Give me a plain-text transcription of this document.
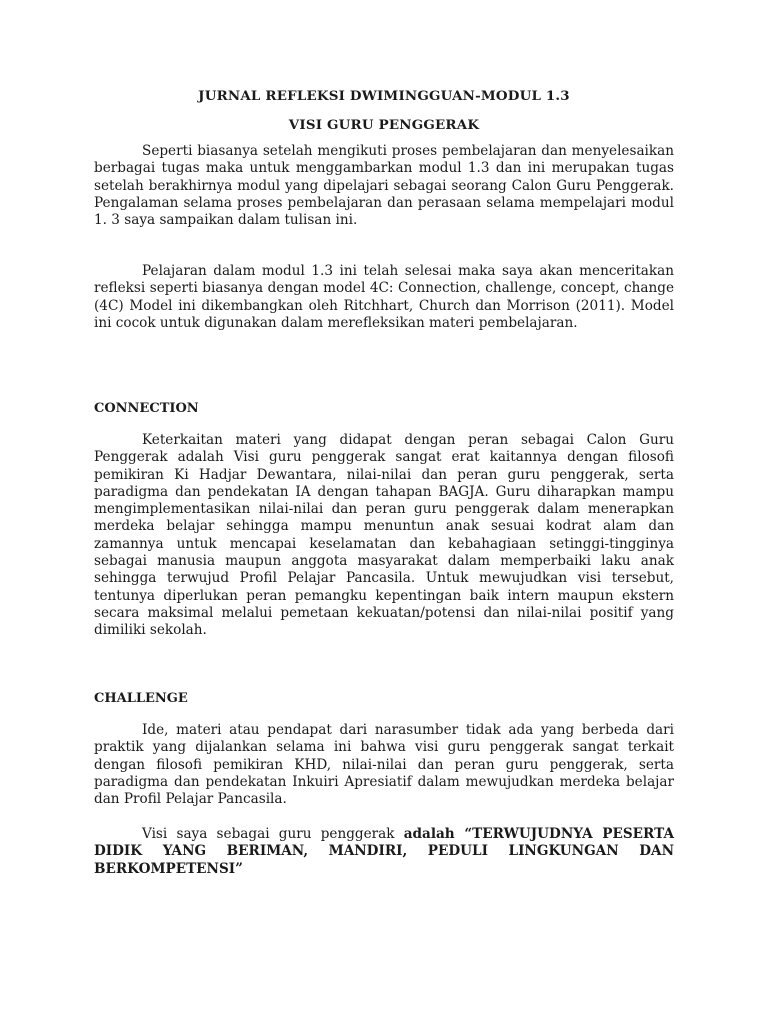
JURNAL REFLEKSI DWIMINGGUAN-MODUL 1.3
VISI GURU PENGGERAK

Seperti biasanya setelah mengikuti proses pembelajaran dan menyelesaikan berbagai tugas maka untuk menggambarkan modul 1.3 dan ini merupakan tugas setelah berakhirnya modul yang dipelajari sebagai seorang Calon Guru Penggerak. Pengalaman selama proses pembelajaran dan perasaan selama mempelajari modul 1. 3 saya sampaikan dalam tulisan ini.

Pelajaran dalam modul 1.3 ini telah selesai maka saya akan menceritakan refleksi seperti biasanya dengan model 4C: Connection, challenge, concept, change (4C) Model ini dikembangkan oleh Ritchhart, Church dan Morrison (2011). Model ini cocok untuk digunakan dalam merefleksikan materi pembelajaran.

CONNECTION

Keterkaitan materi yang didapat dengan peran sebagai Calon Guru Penggerak adalah Visi guru penggerak sangat erat kaitannya dengan filosofi pemikiran Ki Hadjar Dewantara, nilai-nilai dan peran guru penggerak, serta paradigma dan pendekatan IA dengan tahapan BAGJA. Guru diharapkan mampu mengimplementasikan nilai-nilai dan peran guru penggerak dalam menerapkan merdeka belajar sehingga mampu menuntun anak sesuai kodrat alam dan zamannya untuk mencapai keselamatan dan kebahagiaan setinggi-tingginya sebagai manusia maupun anggota masyarakat dalam memperbaiki laku anak sehingga terwujud Profil Pelajar Pancasila. Untuk mewujudkan visi tersebut, tentunya diperlukan peran pemangku kepentingan baik intern maupun ekstern secara maksimal melalui pemetaan kekuatan/potensi dan nilai-nilai positif yang dimiliki sekolah.

CHALLENGE

Ide, materi atau pendapat dari narasumber tidak ada yang berbeda dari praktik yang dijalankan selama ini bahwa visi guru penggerak sangat terkait dengan filosofi pemikiran KHD, nilai-nilai dan peran guru penggerak, serta paradigma dan pendekatan Inkuiri Apresiatif dalam mewujudkan merdeka belajar dan Profil Pelajar Pancasila.

Visi saya sebagai guru penggerak adalah “TERWUJUDNYA PESERTA DIDIK YANG BERIMAN, MANDIRI, PEDULI LINGKUNGAN DAN BERKOMPETENSI”
